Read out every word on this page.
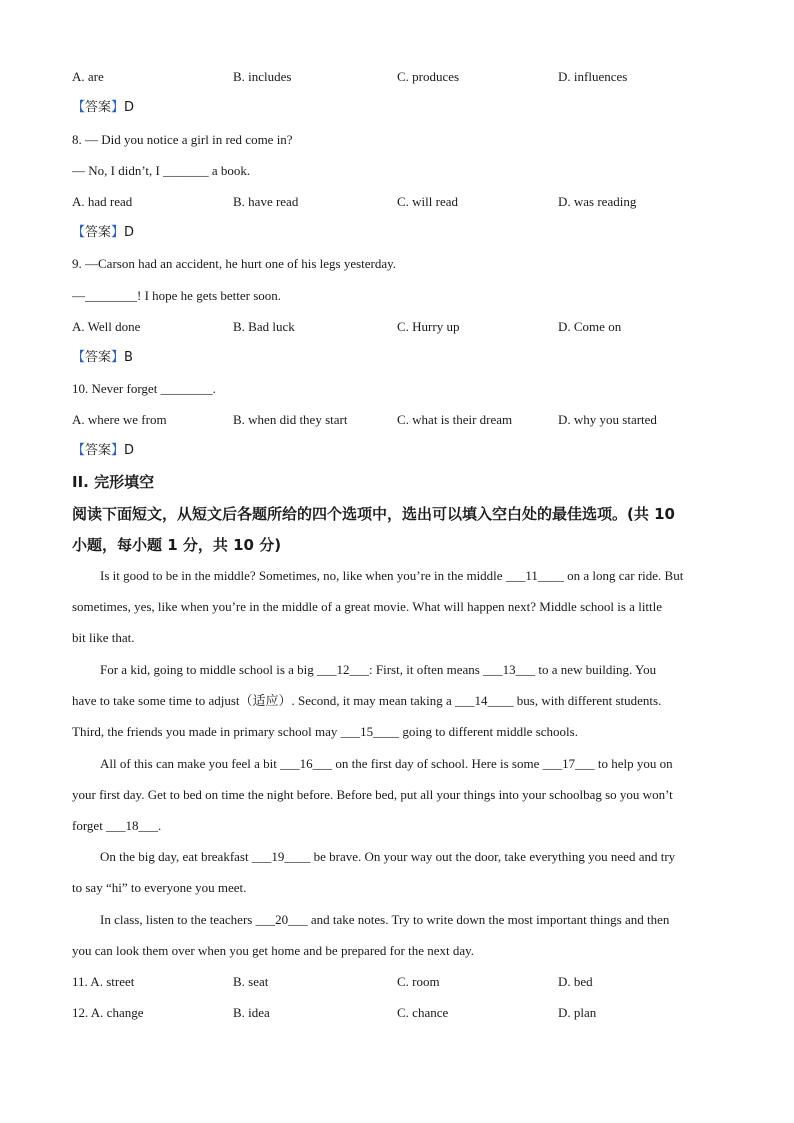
A. are	B. includes	C. produces	D. influences
【答案】D
8. — Did you notice a girl in red come in?
— No, I didn’t, I _______ a book.
A. had read	B. have read	C. will read	D. was reading
【答案】D
9. —Carson had an accident, he hurt one of his legs yesterday.
—________! I hope he gets better soon.
A. Well done	B. Bad luck	C. Hurry up	D. Come on
【答案】B
10. Never forget ________.
A. where we from	B. when did they start	C. what is their dream	D. why you started
【答案】D
II. 完形填空
阅读下面短文，从短文后各题所给的四个选项中，选出可以填入空白处的最佳选项。(共 10
小题，每小题 1 分，共 10 分)
Is it good to be in the middle? Sometimes, no, like when you’re in the middle ___11____ on a long car ride. But
sometimes, yes, like when you’re in the middle of a great movie. What will happen next? Middle school is a little
bit like that.
For a kid, going to middle school is a big ___12___: First, it often means ___13___ to a new building. You
have to take some time to adjust（适应）. Second, it may mean taking a ___14____ bus, with different students.
Third, the friends you made in primary school may ___15____ going to different middle schools.
All of this can make you feel a bit ___16___ on the first day of school. Here is some ___17___ to help you on
your first day. Get to bed on time the night before. Before bed, put all your things into your schoolbag so you won’t
forget ___18___.
On the big day, eat breakfast ___19____ be brave. On your way out the door, take everything you need and try
to say “hi” to everyone you meet.
In class, listen to the teachers ___20___ and take notes. Try to write down the most important things and then
you can look them over when you get home and be prepared for the next day.
11. A. street	B. seat	C. room	D. bed
12. A. change	B. idea	C. chance	D. plan
